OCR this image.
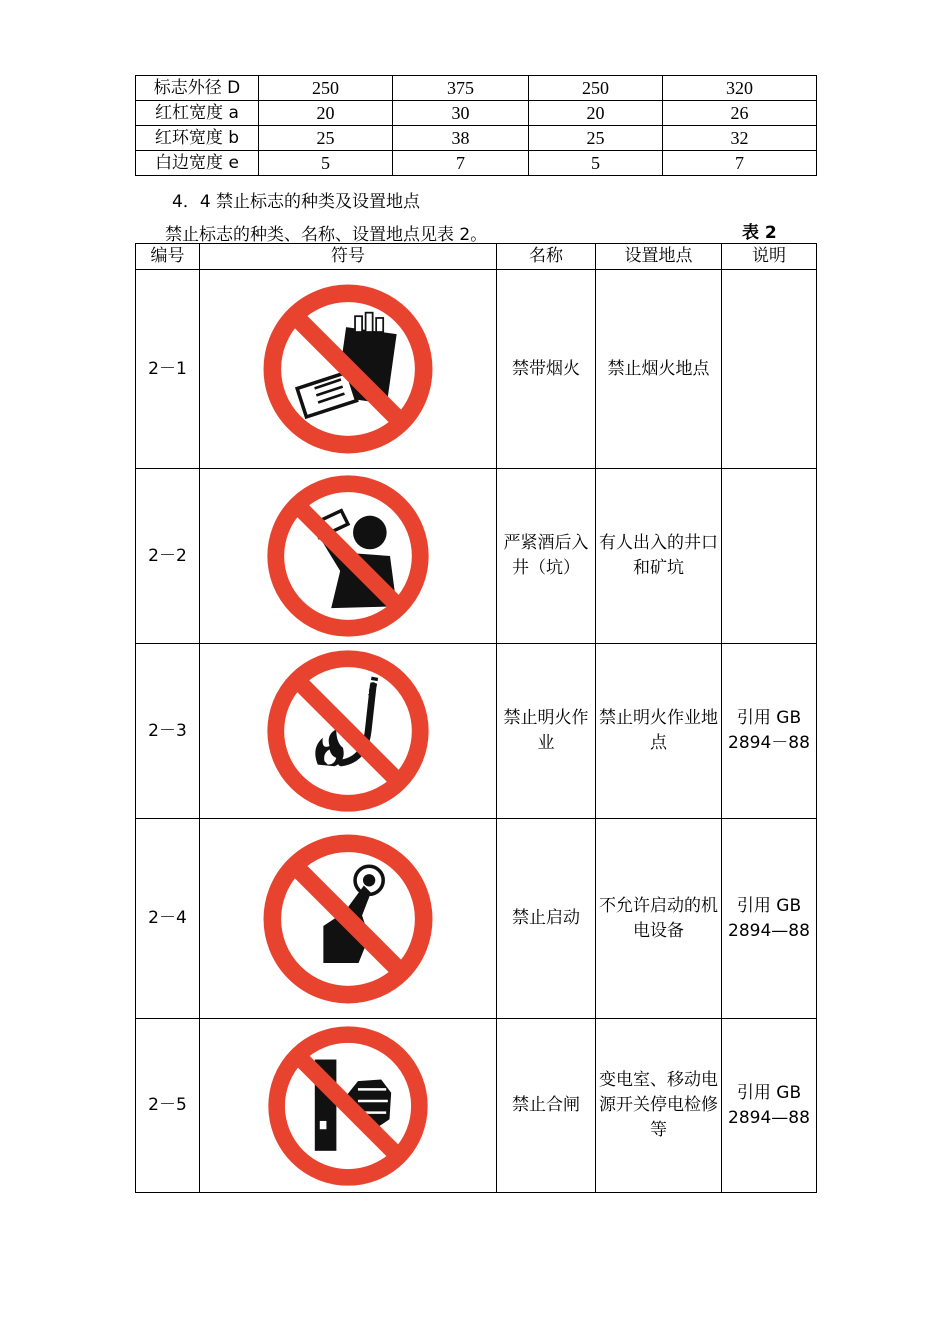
标志外径 D	250	375	250	320
红杠宽度 a	20	30	20	26
红环宽度 b	25	38	25	32
白边宽度 e	5	7	5	7
4．4 禁止标志的种类及设置地点
禁止标志的种类、名称、设置地点见表 2。	表 2
编号	符号	名称	设置地点	说明
2－1		禁带烟火	禁止烟火地点	
2－2		严紧酒后入井（坑）	有人出入的井口和矿坑	
2－3		禁止明火作业	禁止明火作业地点	引用 GB 2894－88
2－4		禁止启动	不允许启动的机电设备	引用 GB 2894—88
2－5		禁止合闸	变电室、移动电源开关停电检修等	引用 GB 2894—88
